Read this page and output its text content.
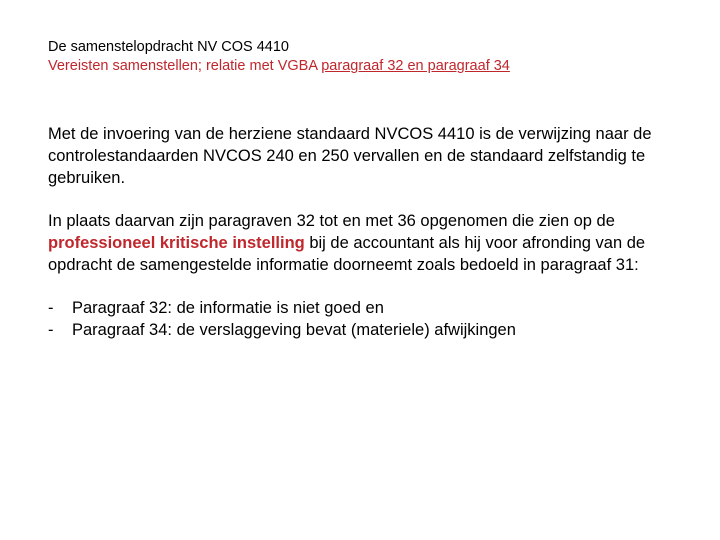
De samenstelopdracht NV COS 4410
Vereisten samenstellen; relatie met VGBA paragraaf 32 en paragraaf 34

Met de invoering van de herziene standaard NVCOS 4410 is de verwijzing naar de controlestandaarden NVCOS 240 en 250 vervallen en de standaard zelfstandig te gebruiken.

In plaats daarvan zijn paragraven 32 tot en met 36 opgenomen die zien op de professioneel kritische instelling bij de accountant als hij voor afronding van de opdracht de samengestelde informatie doorneemt zoals bedoeld in paragraaf 31:

- Paragraaf 32: de informatie is niet goed en
- Paragraaf 34: de verslaggeving bevat (materiele) afwijkingen
